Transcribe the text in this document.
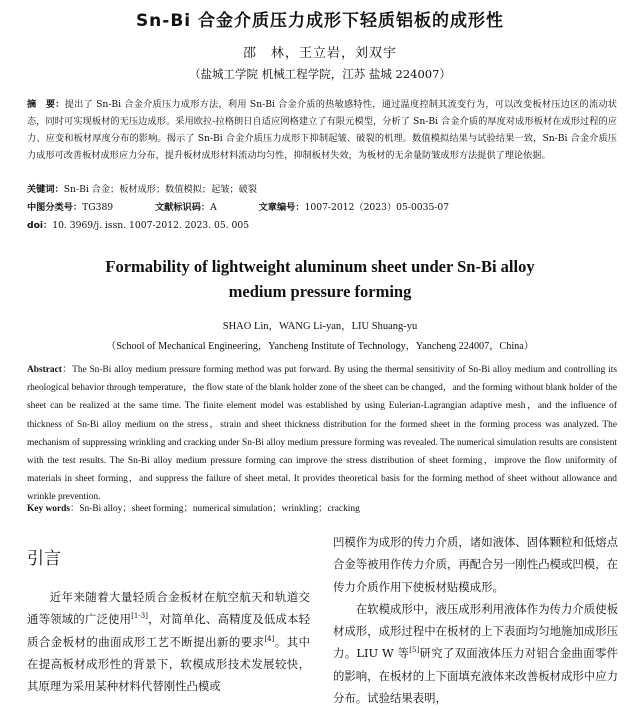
Sn-Bi 合金介质压力成形下轻质铝板的成形性
邵　林，王立岩，刘双宇
（盐城工学院 机械工程学院，江苏 盐城 224007）
摘　要：提出了 Sn-Bi 合金介质压力成形方法，利用 Sn-Bi 合金介质的热敏感特性，通过温度控制其流变行为，可以改变板材压边区的流动状态，同时可实现板材的无压边成形。采用欧拉-拉格朗日自适应网格建立了有限元模型，分析了 Sn-Bi 合金介质的厚度对成形板材在成形过程的应力、应变和板材厚度分布的影响。揭示了 Sn-Bi 合金介质压力成形下抑制起皱、破裂的机理。数值模拟结果与试验结果一致，Sn-Bi 合金介质压力成形可改善板材成形应力分布，提升板材成形材料流动均匀性，抑制板材失效，为板材的无余量防皱成形方法提供了理论依据。
关键词：Sn-Bi 合金；板材成形；数值模拟；起皱；破裂
中图分类号：TG389	文献标识码：A	文章编号：1007-2012（2023）05-0035-07
doi：10. 3969/j. issn. 1007-2012. 2023. 05. 005
Formability of lightweight aluminum sheet under Sn-Bi alloy
medium pressure forming
SHAO Lin，WANG Li-yan，LIU Shuang-yu
（School of Mechanical Engineering，Yancheng Institute of Technology，Yancheng 224007，China）
Abstract：The Sn-Bi alloy medium pressure forming method was put forward. By using the thermal sensitivity of Sn-Bi alloy medium and controlling its rheological behavior through temperature，the flow state of the blank holder zone of the sheet can be changed，and the forming without blank holder of the sheet can be realized at the same time. The finite element model was established by using Eulerian-Lagrangian adaptive mesh，and the influence of thickness of Sn-Bi alloy medium on the stress，strain and sheet thickness distribution for the formed sheet in the forming process was analyzed. The mechanism of suppressing wrinkling and cracking under Sn-Bi alloy medium pressure forming was revealed. The numerical simulation results are consistent with the test results. The Sn-Bi alloy medium pressure forming can improve the stress distribution of sheet forming，improve the flow uniformity of materials in sheet forming，and suppress the failure of sheet metal. It provides theoretical basis for the forming method of sheet without allowance and wrinkle prevention.
Key words：Sn-Bi alloy；sheet forming；numerical simulation；wrinkling；cracking
引言
近年来随着大量轻质合金板材在航空航天和轨道交通等领域的广泛使用[1-3]，对简单化、高精度及低成本轻质合金板材的曲面成形工艺不断提出新的要求[4]。其中在提高板材成形性的背景下，软模成形技术发展较快，其原理为采用某种材料代替刚性凸模或
凹模作为成形的传力介质，诸如液体、固体颗粒和低熔点合金等被用作传力介质，再配合另一刚性凸模或凹模，在传力介质作用下使板材贴模成形。
在软模成形中，液压成形利用液体作为传力介质使板材成形，成形过程中在板材的上下表面均匀地施加成形压力。LIU W 等[5]研究了双面液体压力对铝合金曲面零件的影响，在板材的上下面填充液体来改善板材成形中应力分布。试验结果表明，
